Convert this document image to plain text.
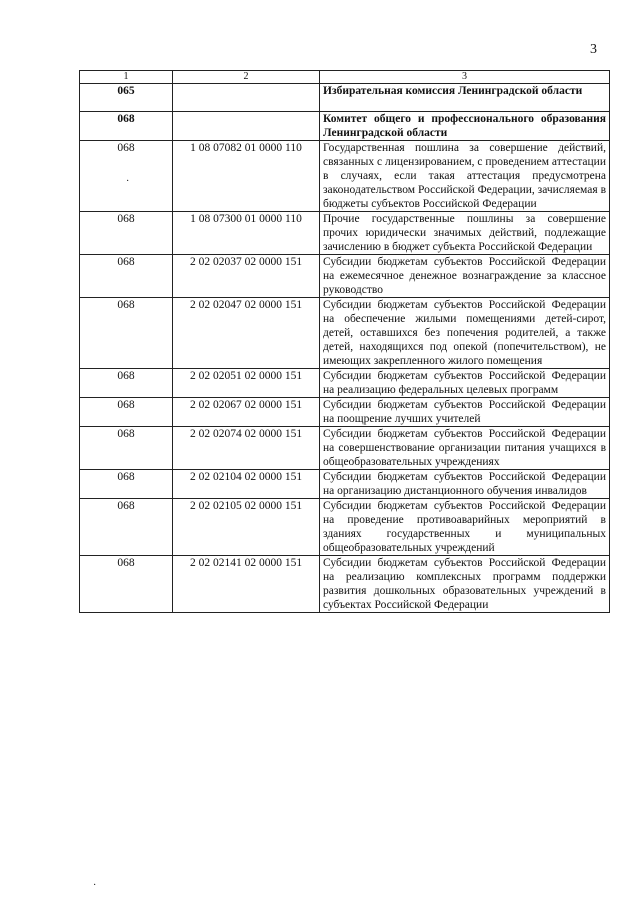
3
1	2	3
065		Избирательная комиссия Ленинградской области
068		Комитет общего и профессионального образования Ленинградской области
068	1 08 07082 01 0000 110	Государственная пошлина за совершение действий, связанных с лицензированием, с проведением аттестации в случаях, если такая аттестация предусмотрена законодательством Российской Федерации, зачисляемая в бюджеты субъектов Российской Федерации
068	1 08 07300 01 0000 110	Прочие государственные пошлины за совершение прочих юридически значимых действий, подлежащие зачислению в бюджет субъекта Российской Федерации
068	2 02 02037 02 0000 151	Субсидии бюджетам субъектов Российской Федерации на ежемесячное денежное вознаграждение за классное руководство
068	2 02 02047 02 0000 151	Субсидии бюджетам субъектов Российской Федерации на обеспечение жилыми помещениями детей-сирот, детей, оставшихся без попечения родителей, а также детей, находящихся под опекой (попечительством), не имеющих закрепленного жилого помещения
068	2 02 02051 02 0000 151	Субсидии бюджетам субъектов Российской Федерации на реализацию федеральных целевых программ
068	2 02 02067 02 0000 151	Субсидии бюджетам субъектов Российской Федерации на поощрение лучших учителей
068	2 02 02074 02 0000 151	Субсидии бюджетам субъектов Российской Федерации на совершенствование организации питания учащихся в общеобразовательных учреждениях
068	2 02 02104 02 0000 151	Субсидии бюджетам субъектов Российской Федерации на организацию дистанционного обучения инвалидов
068	2 02 02105 02 0000 151	Субсидии бюджетам субъектов Российской Федерации на проведение противоаварийных мероприятий в зданиях государственных и муниципальных общеобразовательных учреждений
068	2 02 02141 02 0000 151	Субсидии бюджетам субъектов Российской Федерации на реализацию комплексных программ поддержки развития дошкольных образовательных учреждений в субъектах Российской Федерации
·
·
